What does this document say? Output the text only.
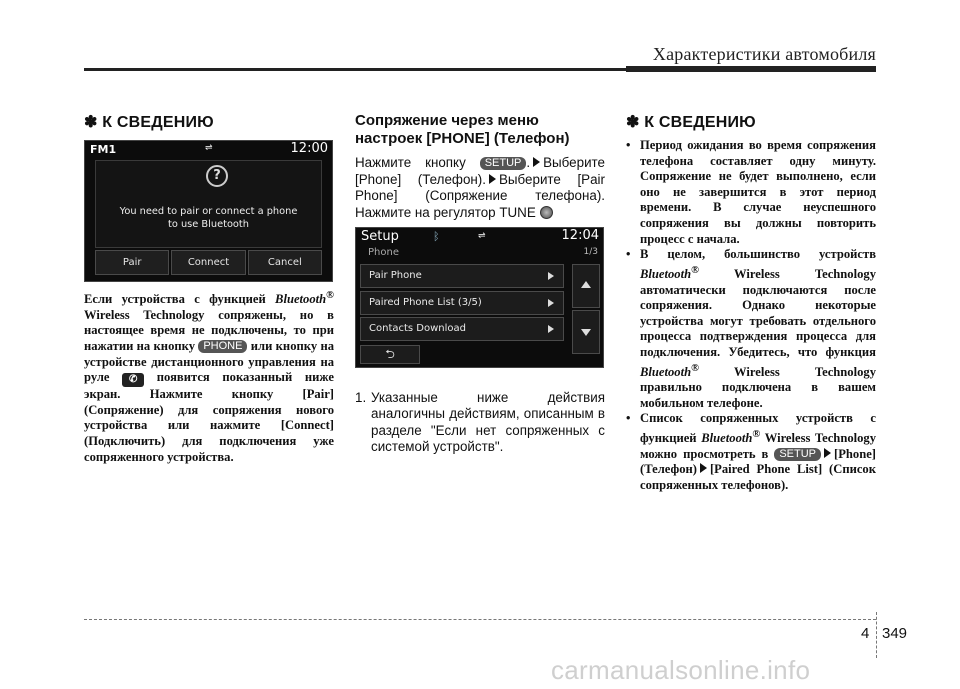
Характеристики автомобиля
✽ К СВЕДЕНИЮ
FM1	⇌	12:00
?
You need to pair or connect a phone
to use Bluetooth
Pair	Connect	Cancel
Если устройства с функцией Bluetooth® Wireless Technology сопряжены, но в настоящее время не подключены, то при нажатии на кнопку PHONE или кнопку на устройстве дистанционного управления на руле ✆ появится показанный ниже экран. Нажмите кнопку [Pair] (Сопряжение) для сопряжения нового устройства или нажмите [Connect] (Подключить) для подключения уже сопряженного устройства.
Сопряжение через меню настроек [PHONE] (Телефон)
Нажмите кнопку SETUP . Выберите [Phone] (Телефон). Выберите [Pair Phone] (Сопряжение телефона). Нажмите на регулятор TUNE
Setup	ᛒ	⇌	12:04
Phone	1/3
Pair Phone
Paired Phone List (3/5)
Contacts Download
⮌
1. Указанные ниже действия аналогичны действиям, описанным в разделе "Если нет сопряженных с системой устройств".
✽ К СВЕДЕНИЮ
• Период ожидания во время сопряжения телефона составляет одну минуту. Сопряжение не будет выполнено, если оно не завершится в этот период времени. В случае неуспешного сопряжения вы должны повторить процесс с начала.
• В целом, большинство устройств Bluetooth® Wireless Technology автоматически подключаются после сопряжения. Однако некоторые устройства могут требовать отдельного процесса подтверждения процесса для подключения. Убедитесь, что функция Bluetooth® Wireless Technology правильно подключена в вашем мобильном телефоне.
• Список сопряженных устройств с функцией Bluetooth® Wireless Technology можно просмотреть в SETUP [Phone] (Телефон) [Paired Phone List] (Список сопряженных телефонов).
4 349
carmanualsonline.info
